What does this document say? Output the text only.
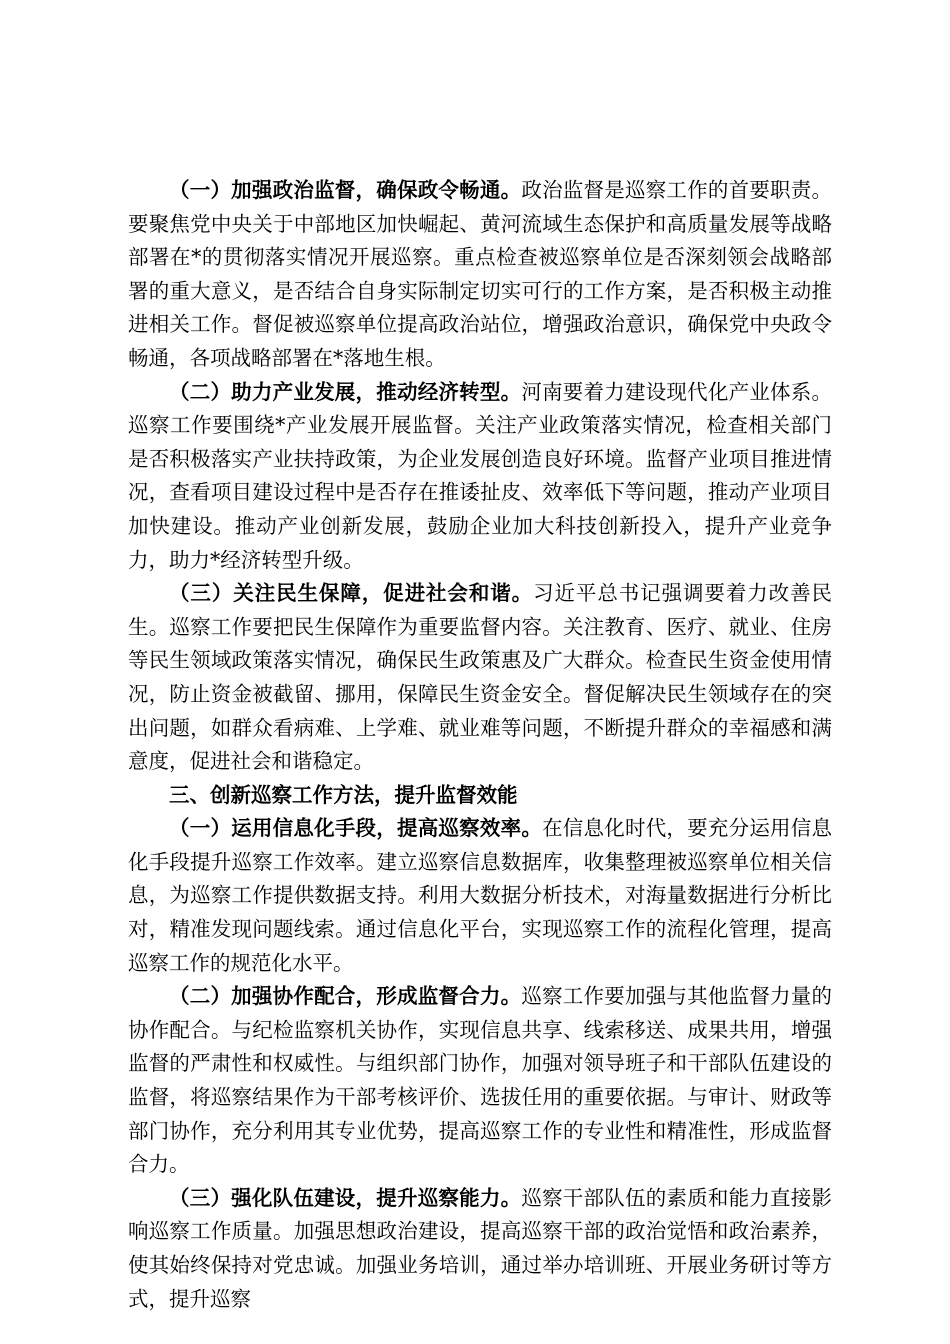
（一）加强政治监督，确保政令畅通。政治监督是巡察工作的首要职责。要聚焦党中央关于中部地区加快崛起、黄河流域生态保护和高质量发展等战略部署在*的贯彻落实情况开展巡察。重点检查被巡察单位是否深刻领会战略部署的重大意义，是否结合自身实际制定切实可行的工作方案，是否积极主动推进相关工作。督促被巡察单位提高政治站位，增强政治意识，确保党中央政令畅通，各项战略部署在*落地生根。

（二）助力产业发展，推动经济转型。河南要着力建设现代化产业体系。巡察工作要围绕*产业发展开展监督。关注产业政策落实情况，检查相关部门是否积极落实产业扶持政策，为企业发展创造良好环境。监督产业项目推进情况，查看项目建设过程中是否存在推诿扯皮、效率低下等问题，推动产业项目加快建设。推动产业创新发展，鼓励企业加大科技创新投入，提升产业竞争力，助力*经济转型升级。

（三）关注民生保障，促进社会和谐。习近平总书记强调要着力改善民生。巡察工作要把民生保障作为重要监督内容。关注教育、医疗、就业、住房等民生领域政策落实情况，确保民生政策惠及广大群众。检查民生资金使用情况，防止资金被截留、挪用，保障民生资金安全。督促解决民生领域存在的突出问题，如群众看病难、上学难、就业难等问题，不断提升群众的幸福感和满意度，促进社会和谐稳定。

三、创新巡察工作方法，提升监督效能

（一）运用信息化手段，提高巡察效率。在信息化时代，要充分运用信息化手段提升巡察工作效率。建立巡察信息数据库，收集整理被巡察单位相关信息，为巡察工作提供数据支持。利用大数据分析技术，对海量数据进行分析比对，精准发现问题线索。通过信息化平台，实现巡察工作的流程化管理，提高巡察工作的规范化水平。

（二）加强协作配合，形成监督合力。巡察工作要加强与其他监督力量的协作配合。与纪检监察机关协作，实现信息共享、线索移送、成果共用，增强监督的严肃性和权威性。与组织部门协作，加强对领导班子和干部队伍建设的监督，将巡察结果作为干部考核评价、选拔任用的重要依据。与审计、财政等部门协作，充分利用其专业优势，提高巡察工作的专业性和精准性，形成监督合力。

（三）强化队伍建设，提升巡察能力。巡察干部队伍的素质和能力直接影响巡察工作质量。加强思想政治建设，提高巡察干部的政治觉悟和政治素养，使其始终保持对党忠诚。加强业务培训，通过举办培训班、开展业务研讨等方式，提升巡察
